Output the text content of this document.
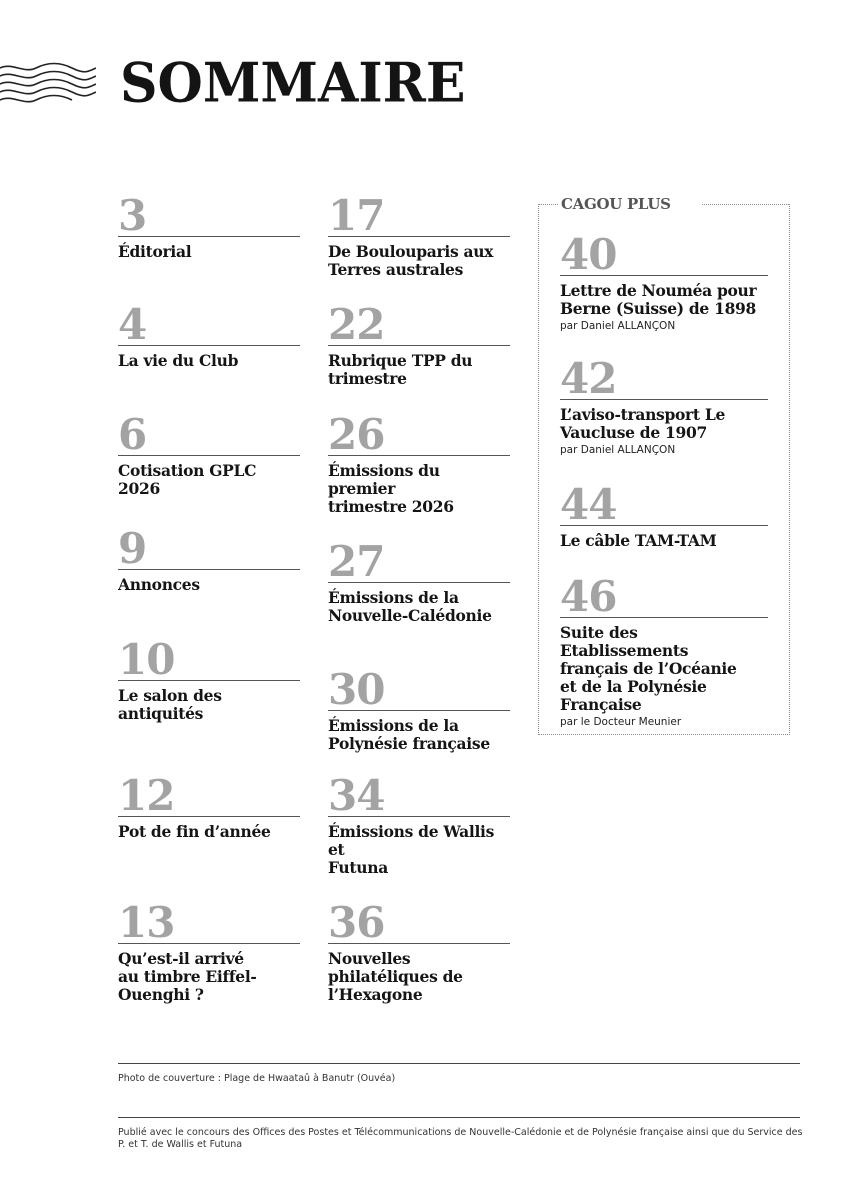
SOMMAIRE
3
Éditorial
4
La vie du Club
6
Cotisation GPLC
2026
9
Annonces
10
Le salon des
antiquités
12
Pot de fin d’année
13
Qu’est-il arrivé
au timbre Eiffel-
Ouenghi ?
17
De Boulouparis aux
Terres australes
22
Rubrique TPP du
trimestre
26
Émissions du premier
trimestre 2026
27
Émissions de la
Nouvelle-Calédonie
30
Émissions de la
Polynésie française
34
Émissions de Wallis et
Futuna
36
Nouvelles
philatéliques de
l’Hexagone
CAGOU PLUS
40
Lettre de Nouméa pour
Berne (Suisse) de 1898
par Daniel ALLANÇON
42
L’aviso-transport Le
Vaucluse de 1907
par Daniel ALLANÇON
44
Le câble TAM-TAM
46
Suite des Etablissements
français de l’Océanie
et de la Polynésie
Française
par le Docteur Meunier
Photo de couverture : Plage de Hwaataû à Banutr (Ouvéa)
Publié avec le concours des Offices des Postes et Télécommunications de Nouvelle-Calédonie et de Polynésie française ainsi que du Service des P. et T. de Wallis et Futuna
